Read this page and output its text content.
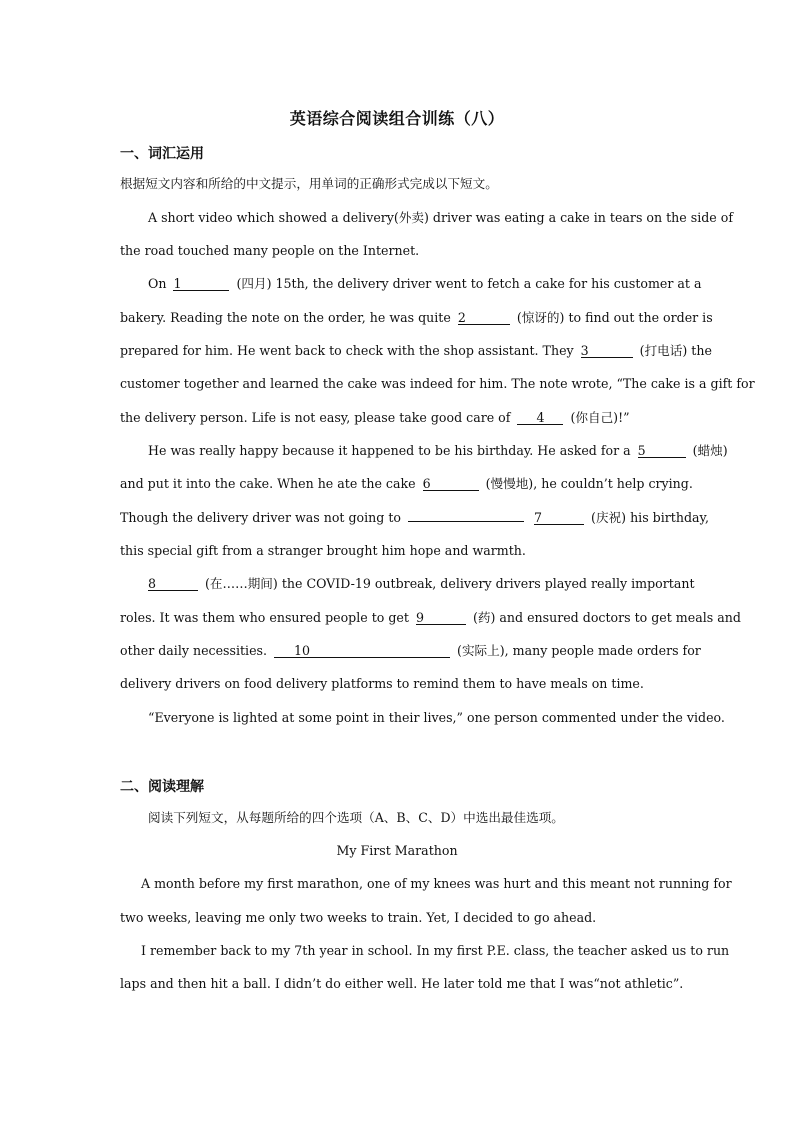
英语综合阅读组合训练（八）
一、词汇运用
根据短文内容和所给的中文提示，用单词的正确形式完成以下短文。
A short video which showed a delivery(外卖) driver was eating a cake in tears on the side of
the road touched many people on the Internet.
On 1	(四月) 15th, the delivery driver went to fetch a cake for his customer at a
bakery. Reading the note on the order, he was quite 2	(惊讶的) to find out the order is
prepared for him. He went back to check with the shop assistant. They 3	(打电话) the
customer together and learned the cake was indeed for him. The note wrote, “The cake is a gift for
the delivery person. Life is not easy, please take good care of 4 (你自己)!”
He was really happy because it happened to be his birthday. He asked for a 5	(蜡烛)
and put it into the cake. When he ate the cake 6	(慢慢地), he couldn’t help crying.
Though the delivery driver was not going to	7	(庆祝) his birthday,
this special gift from a stranger brought him hope and warmth.
8	(在……期间) the COVID-19 outbreak, delivery drivers played really important
roles. It was them who ensured people to get 9	(药) and ensured doctors to get meals and
other daily necessities. 10	(实际上), many people made orders for
delivery drivers on food delivery platforms to remind them to have meals on time.
“Everyone is lighted at some point in their lives,” one person commented under the video.
二、阅读理解
阅读下列短文，从每题所给的四个选项（A、B、C、D）中选出最佳选项。
My First Marathon
A month before my first marathon, one of my knees was hurt and this meant not running for
two weeks, leaving me only two weeks to train. Yet, I decided to go ahead.
I remember back to my 7th year in school. In my first P.E. class, the teacher asked us to run
laps and then hit a ball. I didn’t do either well. He later told me that I was“not athletic”.
